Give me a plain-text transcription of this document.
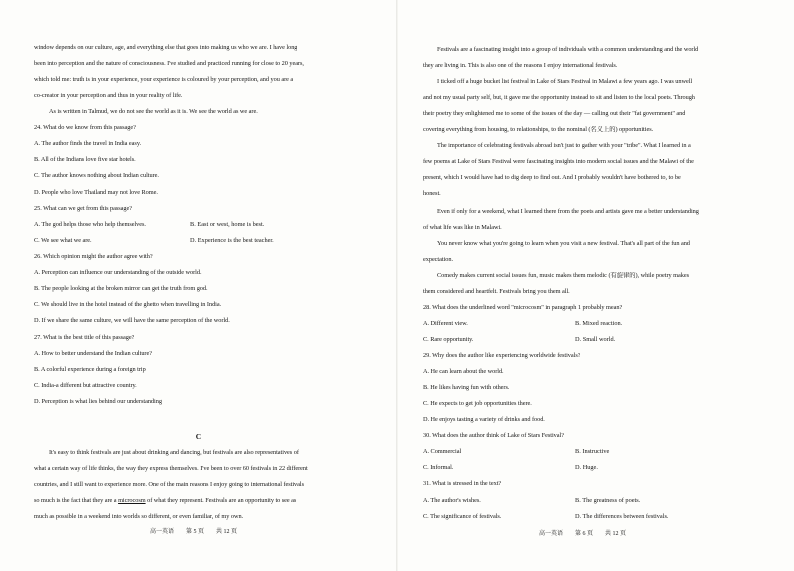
window depends on our culture, age, and everything else that goes into making us who we are. I have long
been into perception and the nature of consciousness. I've studied and practiced running for close to 20 years,
which told me: truth is in your experience, your experience is coloured by your perception, and you are a
co-creator in your perception and thus in your reality of life.
As is written in Talmud, we do not see the world as it is. We see the world as we are.
24. What do we know from this passage?
A. The author finds the travel in India easy.
B. All of the Indians love five star hotels.
C. The author knows nothing about Indian culture.
D. People who love Thailand may not love Rome.
25. What can we get from this passage?
A. The god helps those who help themselves.	B. East or west, home is best.
C. We see what we are.	D. Experience is the best teacher.
26. Which opinion might the author agree with?
A. Perception can influence our understanding of the outside world.
B. The people looking at the broken mirror can get the truth from god.
C. We should live in the hotel instead of the ghetto when travelling in India.
D. If we share the same culture, we will have the same perception of the world.
27. What is the best title of this passage?
A. How to better understand the Indian culture?
B. A colorful experience during a foreign trip
C. India-a different but attractive country.
D. Perception is what lies behind our understanding
C
It's easy to think festivals are just about drinking and dancing, but festivals are also representatives of
what a certain way of life thinks, the way they express themselves. I've been to over 60 festivals in 22 different
countries, and I still want to experience more. One of the main reasons I enjoy going to international festivals
so much is the fact that they are a microcosm of what they represent. Festivals are an opportunity to see as
much as possible in a weekend into worlds so different, or even familiar, of my own.
高一英语 第 5 页 共 12 页
Festivals are a fascinating insight into a group of individuals with a common understanding and the world
they are living in. This is also one of the reasons I enjoy international festivals.
I ticked off a huge bucket list festival in Lake of Stars Festival in Malawi a few years ago. I was unwell
and not my usual party self, but, it gave me the opportunity instead to sit and listen to the local poets. Through
their poetry they enlightened me to some of the issues of the day — calling out their "fat government" and
covering everything from housing, to relationships, to the nominal (名义上的) opportunities.
The importance of celebrating festivals abroad isn't just to gather with your "tribe". What I learned in a
few poems at Lake of Stars Festival were fascinating insights into modern social issues and the Malawi of the
present, which I would have had to dig deep to find out. And I probably wouldn't have bothered to, to be
honest.
Even if only for a weekend, what I learned there from the poets and artists gave me a better understanding
of what life was like in Malawi.
You never know what you're going to learn when you visit a new festival. That's all part of the fun and
expectation.
Comedy makes current social issues fun, music makes them melodic (有旋律的), while poetry makes
them considered and heartfelt. Festivals bring you them all.
28. What does the underlined word "microcosm" in paragraph 1 probably mean?
A. Different view.	B. Mixed reaction.
C. Rare opportunity.	D. Small world.
29. Why does the author like experiencing worldwide festivals?
A. He can learn about the world.
B. He likes having fun with others.
C. He expects to get job opportunities there.
D. He enjoys tasting a variety of drinks and food.
30. What does the author think of Lake of Stars Festival?
A. Commercial	B. Instructive
C. Informal.	D. Huge.
31. What is stressed in the text?
A. The author's wishes.	B. The greatness of poets.
C. The significance of festivals.	D. The differences between festivals.
高一英语 第 6 页 共 12 页
